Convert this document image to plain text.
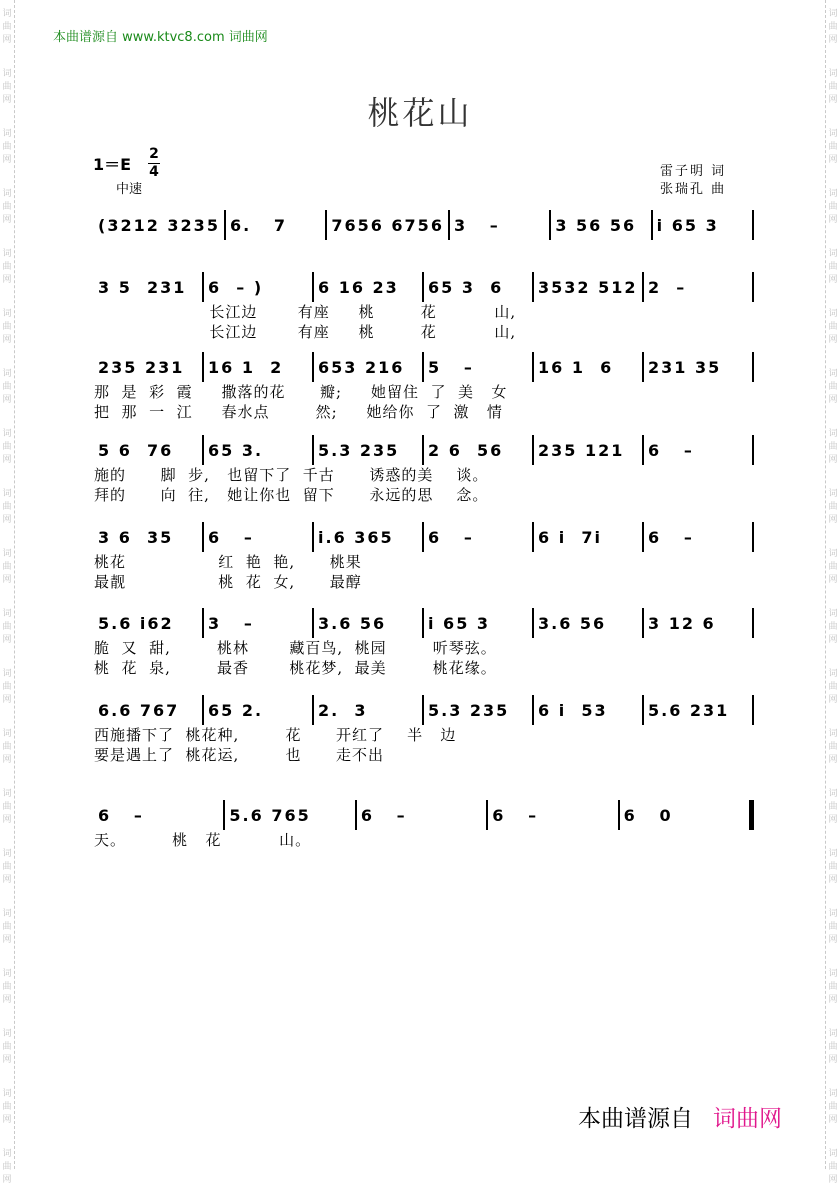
词
曲
网
词
曲
网
词
曲
网
词
曲
网
词
曲
网
词
曲
网
词
曲
网
词
曲
网
词
曲
网
词
曲
网
词
曲
网
词
曲
网
词
曲
网
词
曲
网
词
曲
网
词
曲
网
词
曲
网
词
曲
网
词
曲
网
词
曲
网
词
曲
网
词
曲
网
词
曲
网
词
曲
网
词
曲
网
词
曲
网
词
曲
网
词
曲
网
词
曲
网
词
曲
网
词
曲
网
词
曲
网
词
曲
网
词
曲
网
词
曲
网
词
曲
网
词
曲
网
词
曲
网
词
曲
网
词
曲
网
本曲谱源自 www.ktvc8.com 词曲网
桃花山
1＝E
2
4
中速
雷子明 词
张瑞孔 曲
(3212 3235 6.   7	7656 6756 3   –	3 56 56	i 65 3
3 5  231	6  – )	6 16 23	65 3  6	3532 512 2  –
长江边       有座     桃        花          山,
长江边       有座     桃        花          山,
235 231	16 1  2	653 216	5   –	16 1  6	231 35
那  是  彩  霞     撒落的花      瓣;     她留住  了  美   女
把  那  一  江     春水点        然;     她给你  了  激   情
5 6  76	65 3.	5.3 235	2 6  56	235 121	6   –
施的      脚  步,   也留下了  千古      诱惑的美    谈。
拜的      向  往,   她让你也  留下      永远的思    念。
3 6  35	6   –	i.6 365	6   –	6 i  7i	6   –
桃花                红  艳  艳,      桃果
最靓                桃  花  女,      最醇
5.6 i62	3   –	3.6 56	i 65 3	3.6 56	3 12 6
脆  又  甜,        桃林       藏百鸟,  桃园        听琴弦。
桃  花  泉,        最香       桃花梦,  最美        桃花缘。
6.6 767	65 2.	2.  3	5.3 235	6 i  53	5.6 231
西施播下了  桃花种,        花      开红了    半   边
要是遇上了  桃花运,        也      走不出
6   –	5.6 765	6   –	6   –	6   0
天。        桃   花          山。
本曲谱源自 词曲网
